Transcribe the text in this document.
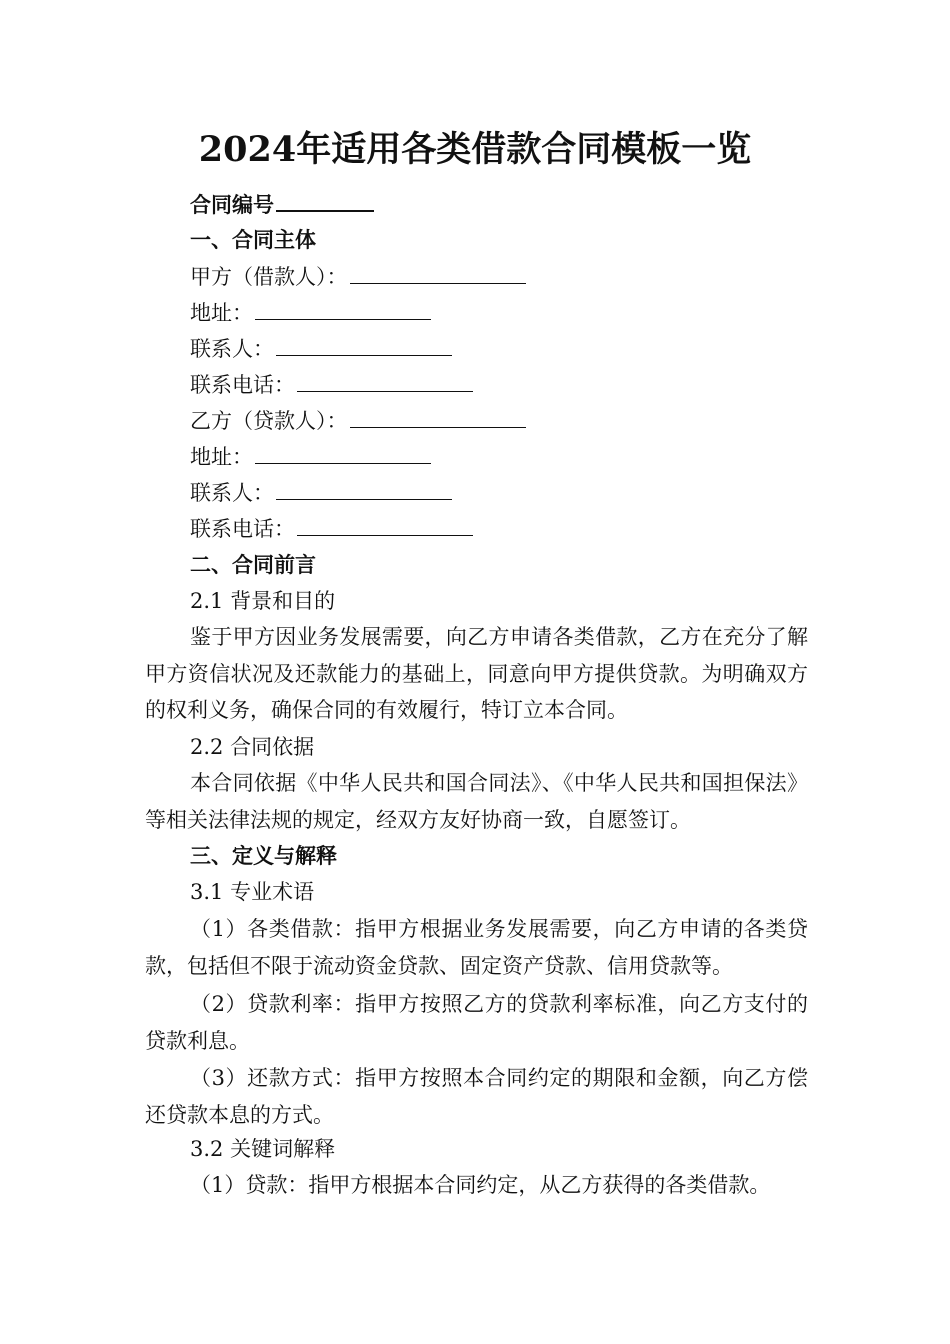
2024年适用各类借款合同模板一览
合同编号
一、合同主体
甲方（借款人）：
地址：
联系人：
联系电话：
乙方（贷款人）：
地址：
联系人：
联系电话：
二、合同前言
2.1 背景和目的
鉴于甲方因业务发展需要，向乙方申请各类借款，乙方在充分了解甲方资信状况及还款能力的基础上，同意向甲方提供贷款。为明确双方的权利义务，确保合同的有效履行，特订立本合同。
2.2 合同依据
本合同依据《中华人民共和国合同法》、《中华人民共和国担保法》等相关法律法规的规定，经双方友好协商一致，自愿签订。
三、定义与解释
3.1 专业术语
（1）各类借款：指甲方根据业务发展需要，向乙方申请的各类贷款，包括但不限于流动资金贷款、固定资产贷款、信用贷款等。
（2）贷款利率：指甲方按照乙方的贷款利率标准，向乙方支付的贷款利息。
（3）还款方式：指甲方按照本合同约定的期限和金额，向乙方偿还贷款本息的方式。
3.2 关键词解释
（1）贷款：指甲方根据本合同约定，从乙方获得的各类借款。
